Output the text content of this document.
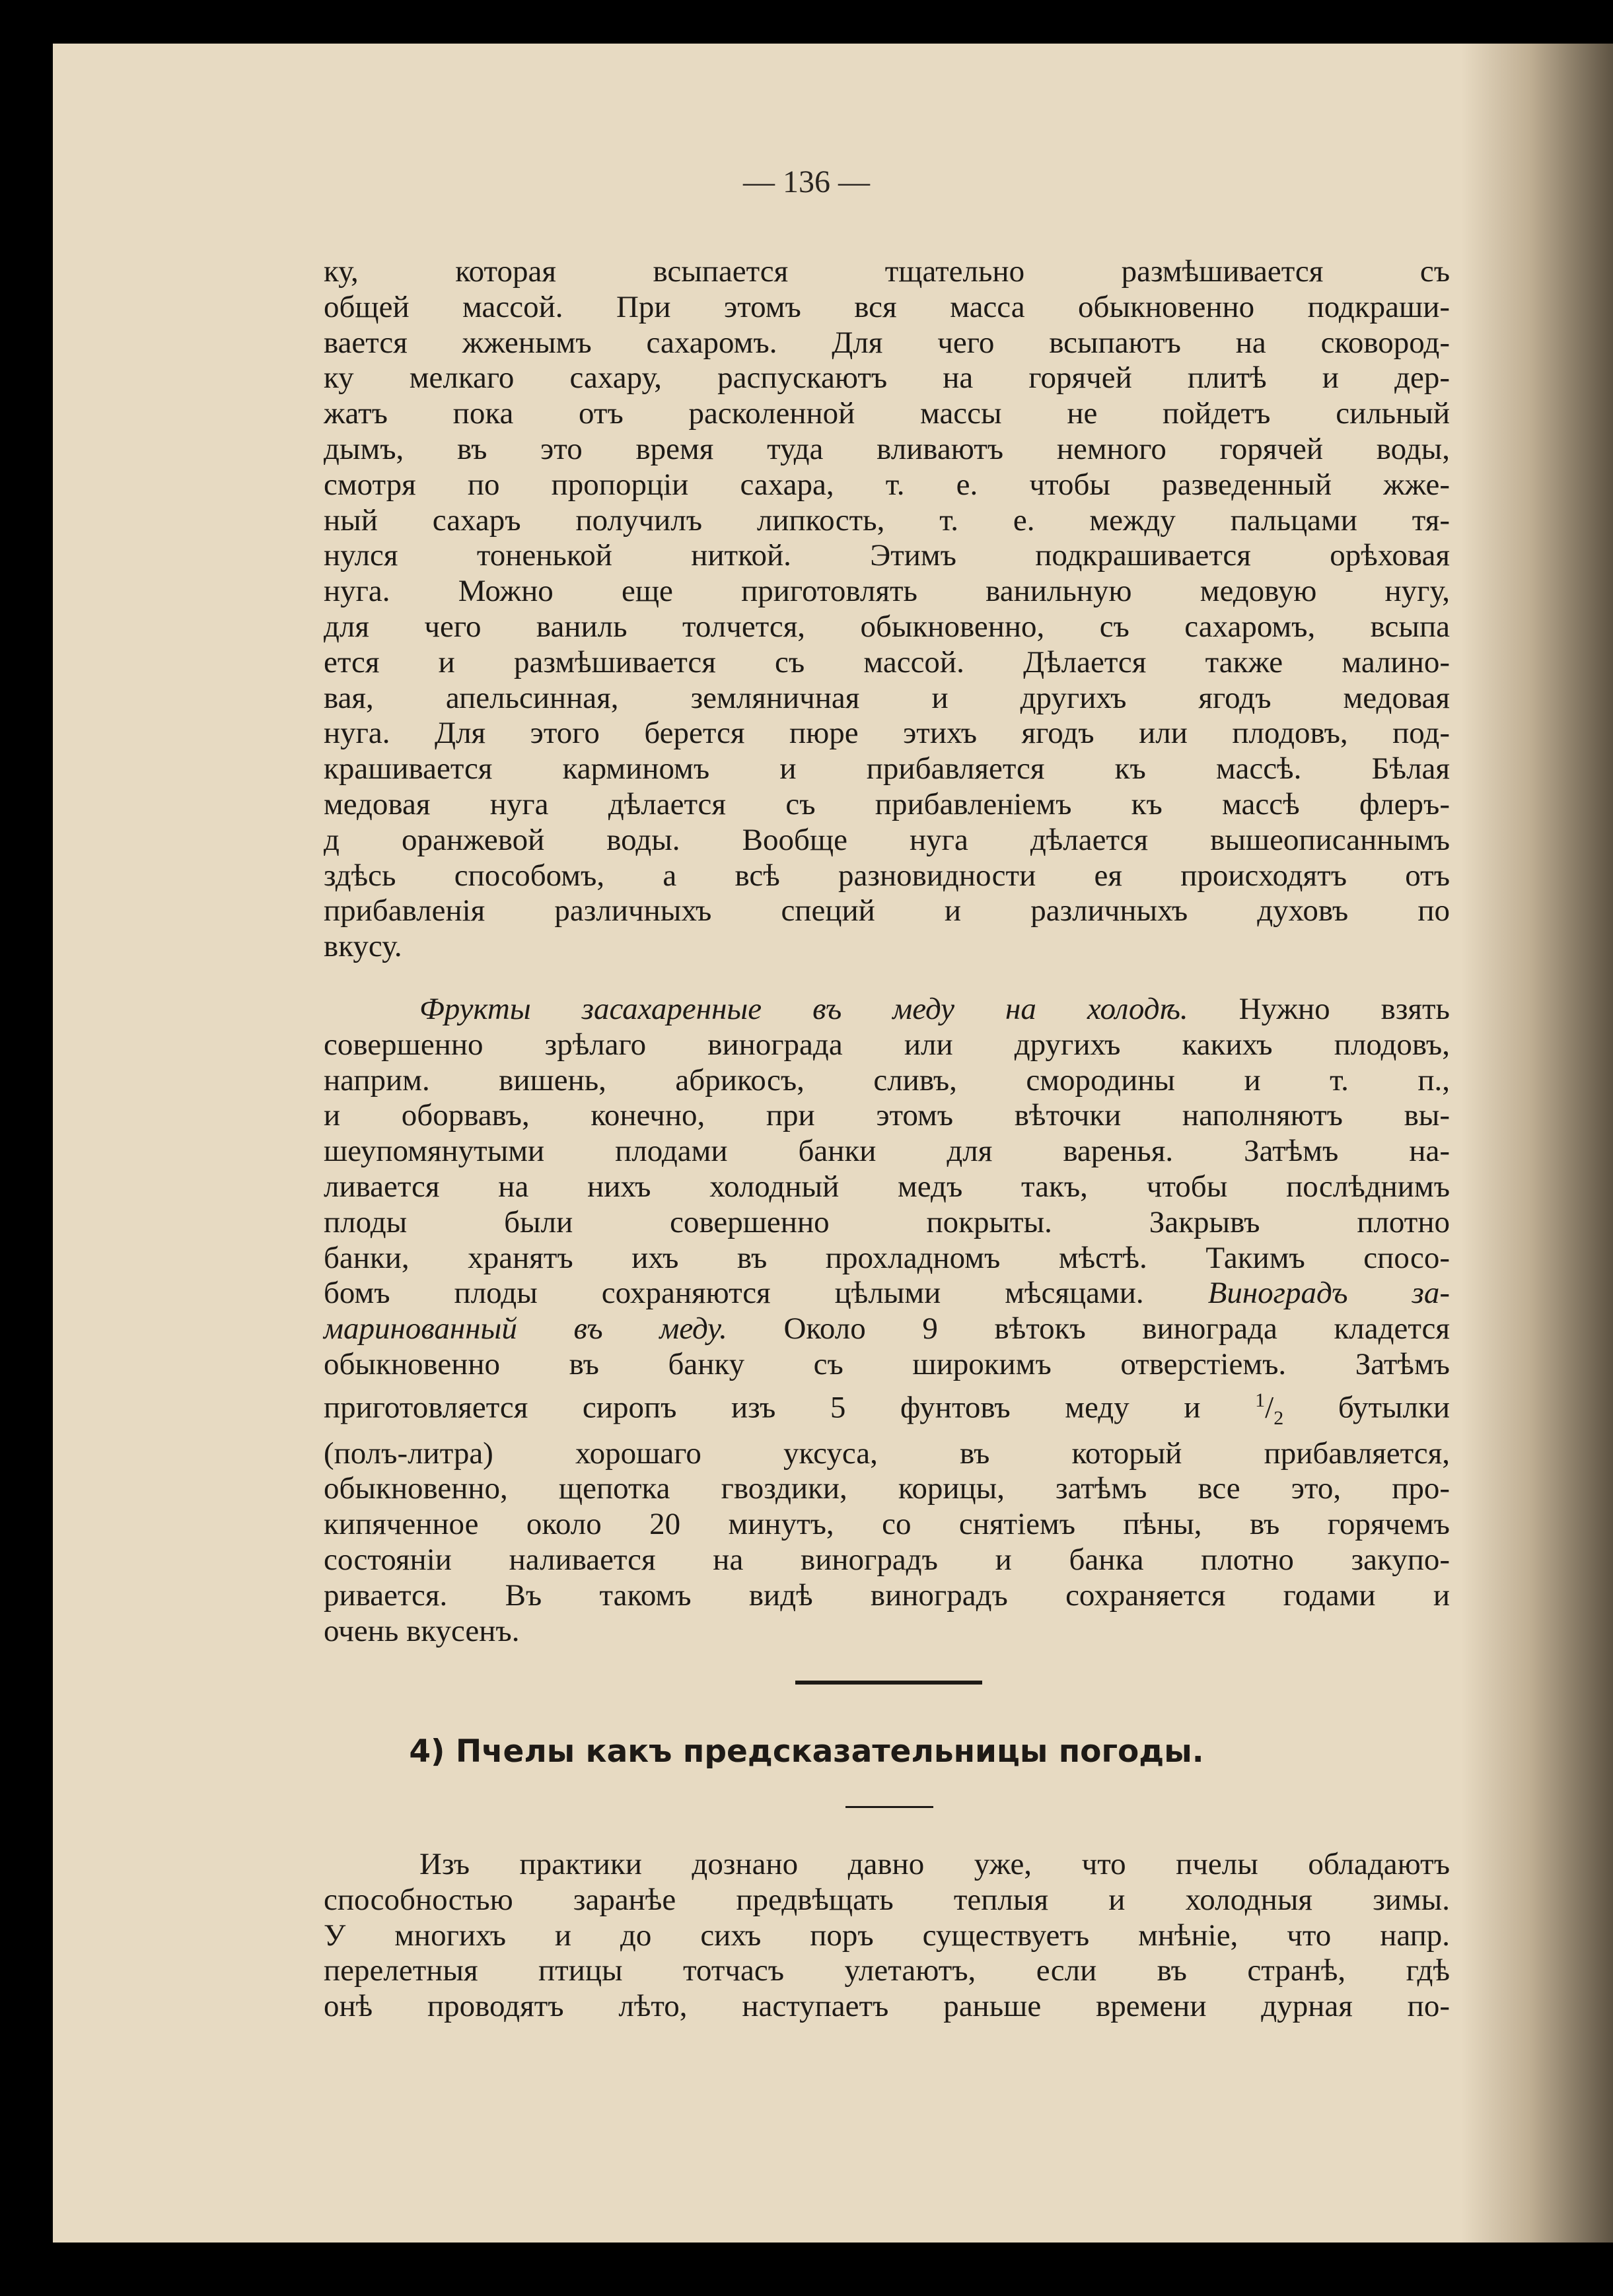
— 136 —
ку, которая всыпается тщательно размѣшивается съ
общей массой. При этомъ вся масса обыкновенно подкраши-
вается жженымъ сахаромъ. Для чего всыпаютъ на сковород-
ку мелкаго сахару, распускаютъ на горячей плитѣ и дер-
жатъ пока отъ расколенной массы не пойдетъ сильный
дымъ, въ это время туда вливаютъ немного горячей воды,
смотря по пропорціи сахара, т. е. чтобы разведенный жже-
ный сахаръ получилъ липкость, т. е. между пальцами тя-
нулся тоненькой ниткой. Этимъ подкрашивается орѣховая
нуга. Можно еще приготовлять ванильную медовую нугу,
для чего ваниль толчется, обыкновенно, съ сахаромъ, всыпа
ется и размѣшивается съ массой. Дѣлается также малино-
вая, апельсинная, земляничная и другихъ ягодъ медовая
нуга. Для этого берется пюре этихъ ягодъ или плодовъ, под-
крашивается карминомъ и прибавляется къ массѣ. Бѣлая
медовая нуга дѣлается съ прибавленіемъ къ массѣ флеръ-
д оранжевой воды. Вообще нуга дѣлается вышеописаннымъ
здѣсь способомъ, а всѣ разновидности ея происходятъ отъ
прибавленія различныхъ специй и различныхъ духовъ по
вкусу.
Фрукты засахаренные въ меду на холодѣ. Нужно взять
совершенно зрѣлаго винограда или другихъ какихъ плодовъ,
наприм. вишень, абрикосъ, сливъ, смородины и т. п.,
и оборвавъ, конечно, при этомъ вѣточки наполняютъ вы-
шеупомянутыми плодами банки для варенья. Затѣмъ на-
ливается на нихъ холодный медъ такъ, чтобы послѣднимъ
плоды были совершенно покрыты. Закрывъ плотно
банки, хранятъ ихъ въ прохладномъ мѣстѣ. Такимъ спосо-
бомъ плоды сохраняются цѣлыми мѣсяцами. Виноградъ за-
маринованный въ меду. Около 9 вѣтокъ винограда кладется
обыкновенно въ банку съ широкимъ отверстіемъ. Затѣмъ
приготовляется сиропъ изъ 5 фунтовъ меду и $^1/_2$ бутылки
(полъ-литра) хорошаго уксуса, въ который прибавляется,
обыкновенно, щепотка гвоздики, корицы, затѣмъ все это, про-
кипяченное около 20 минутъ, со снятіемъ пѣны, въ горячемъ
состояніи наливается на виноградъ и банка плотно закупо-
ривается. Въ такомъ видѣ виноградъ сохраняется годами и
очень вкусенъ.
4) Пчелы какъ предсказательницы погоды.
Изъ практики дознано давно уже, что пчелы обладаютъ
способностью заранѣе предвѣщать теплыя и холодныя зимы.
У многихъ и до сихъ поръ существуетъ мнѣніе, что напр.
перелетныя птицы тотчасъ улетаютъ, если въ странѣ, гдѣ
онѣ проводятъ лѣто, наступаетъ раньше времени дурная по-
